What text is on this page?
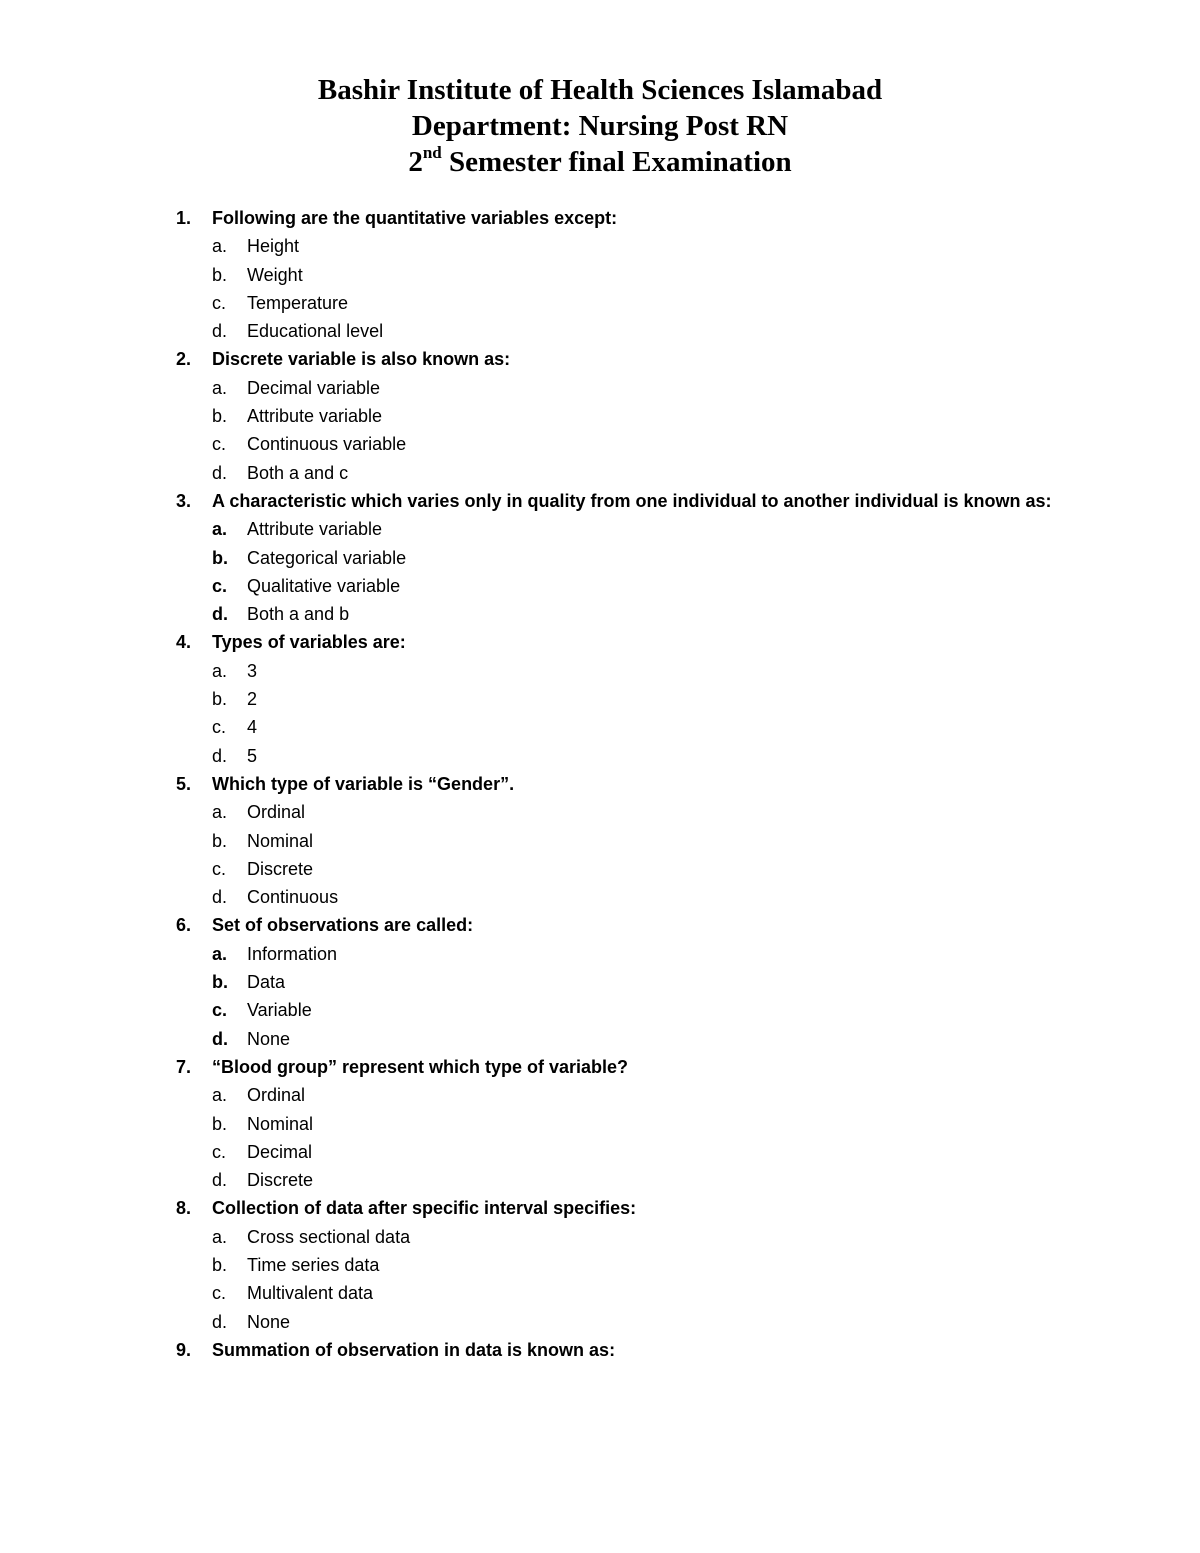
Bashir Institute of Health Sciences Islamabad
Department: Nursing Post RN
2nd Semester final Examination
1.	Following are the quantitative variables except:
a.	Height
b.	Weight
c.	Temperature
d.	Educational level
2.	Discrete variable is also known as:
a.	Decimal variable
b.	Attribute variable
c.	Continuous variable
d.	Both a and c
3.	A characteristic which varies only in quality from one individual to another individual is known as:
a.	Attribute variable
b.	Categorical variable
c.	Qualitative variable
d.	Both a and b
4.	Types of variables are:
a.	3
b.	2
c.	4
d.	5
5.	Which type of variable is “Gender”.
a.	Ordinal
b.	Nominal
c.	Discrete
d.	Continuous
6.	Set of observations are called:
a.	Information
b.	Data
c.	Variable
d.	None
7.	“Blood group” represent which type of variable?
a.	Ordinal
b.	Nominal
c.	Decimal
d.	Discrete
8.	Collection of data after specific interval specifies:
a.	Cross sectional data
b.	Time series data
c.	Multivalent data
d.	None
9.	Summation of observation in data is known as:
